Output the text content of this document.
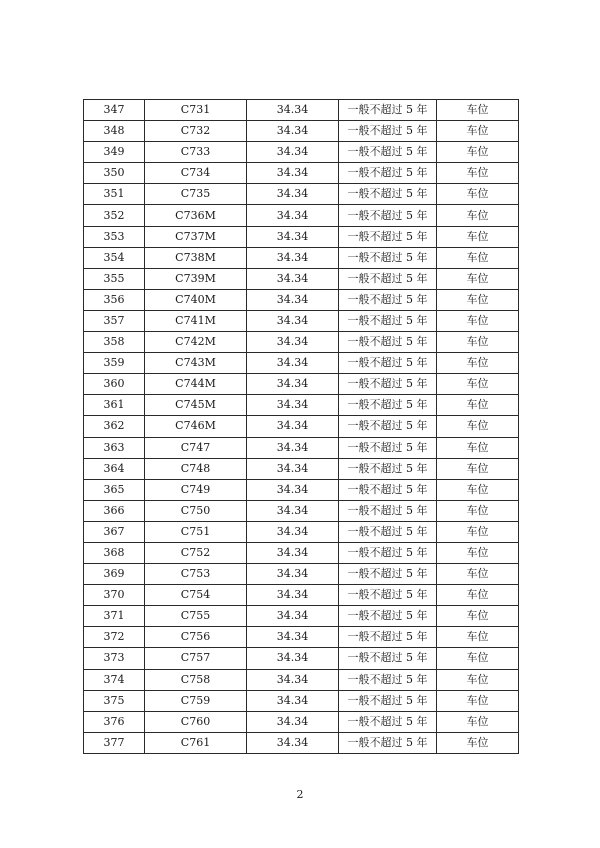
347	C731	34.34	一般不超过 5 年	车位
348	C732	34.34	一般不超过 5 年	车位
349	C733	34.34	一般不超过 5 年	车位
350	C734	34.34	一般不超过 5 年	车位
351	C735	34.34	一般不超过 5 年	车位
352	C736M	34.34	一般不超过 5 年	车位
353	C737M	34.34	一般不超过 5 年	车位
354	C738M	34.34	一般不超过 5 年	车位
355	C739M	34.34	一般不超过 5 年	车位
356	C740M	34.34	一般不超过 5 年	车位
357	C741M	34.34	一般不超过 5 年	车位
358	C742M	34.34	一般不超过 5 年	车位
359	C743M	34.34	一般不超过 5 年	车位
360	C744M	34.34	一般不超过 5 年	车位
361	C745M	34.34	一般不超过 5 年	车位
362	C746M	34.34	一般不超过 5 年	车位
363	C747	34.34	一般不超过 5 年	车位
364	C748	34.34	一般不超过 5 年	车位
365	C749	34.34	一般不超过 5 年	车位
366	C750	34.34	一般不超过 5 年	车位
367	C751	34.34	一般不超过 5 年	车位
368	C752	34.34	一般不超过 5 年	车位
369	C753	34.34	一般不超过 5 年	车位
370	C754	34.34	一般不超过 5 年	车位
371	C755	34.34	一般不超过 5 年	车位
372	C756	34.34	一般不超过 5 年	车位
373	C757	34.34	一般不超过 5 年	车位
374	C758	34.34	一般不超过 5 年	车位
375	C759	34.34	一般不超过 5 年	车位
376	C760	34.34	一般不超过 5 年	车位
377	C761	34.34	一般不超过 5 年	车位
2
